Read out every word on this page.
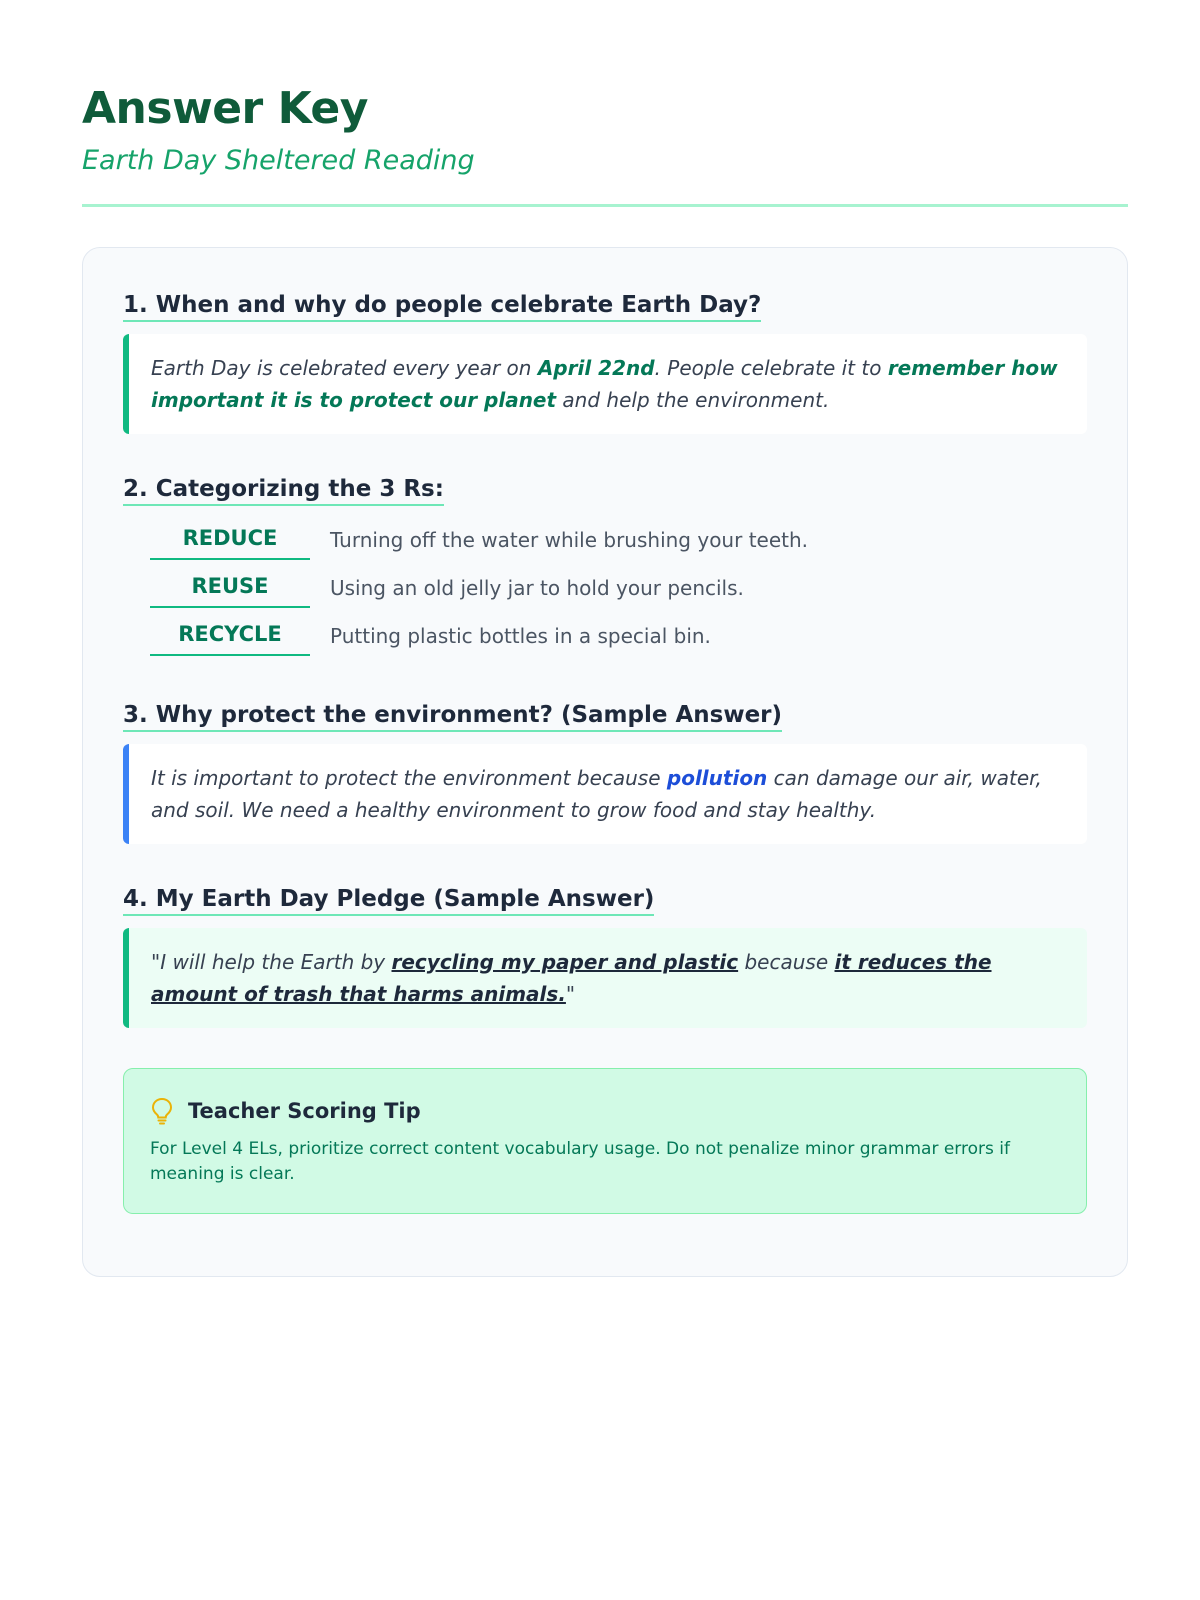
Answer Key
Earth Day Sheltered Reading
1. When and why do people celebrate Earth Day?
Earth Day is celebrated every year on April 22nd. People celebrate it to remember how important it is to protect our planet and help the environment.
2. Categorizing the 3 Rs:
REDUCE	Turning off the water while brushing your teeth.
REUSE	Using an old jelly jar to hold your pencils.
RECYCLE	Putting plastic bottles in a special bin.
3. Why protect the environment? (Sample Answer)
It is important to protect the environment because pollution can damage our air, water, and soil. We need a healthy environment to grow food and stay healthy.
4. My Earth Day Pledge (Sample Answer)
"I will help the Earth by recycling my paper and plastic because it reduces the amount of trash that harms animals."
Teacher Scoring Tip
For Level 4 ELs, prioritize correct content vocabulary usage. Do not penalize minor grammar errors if meaning is clear.
